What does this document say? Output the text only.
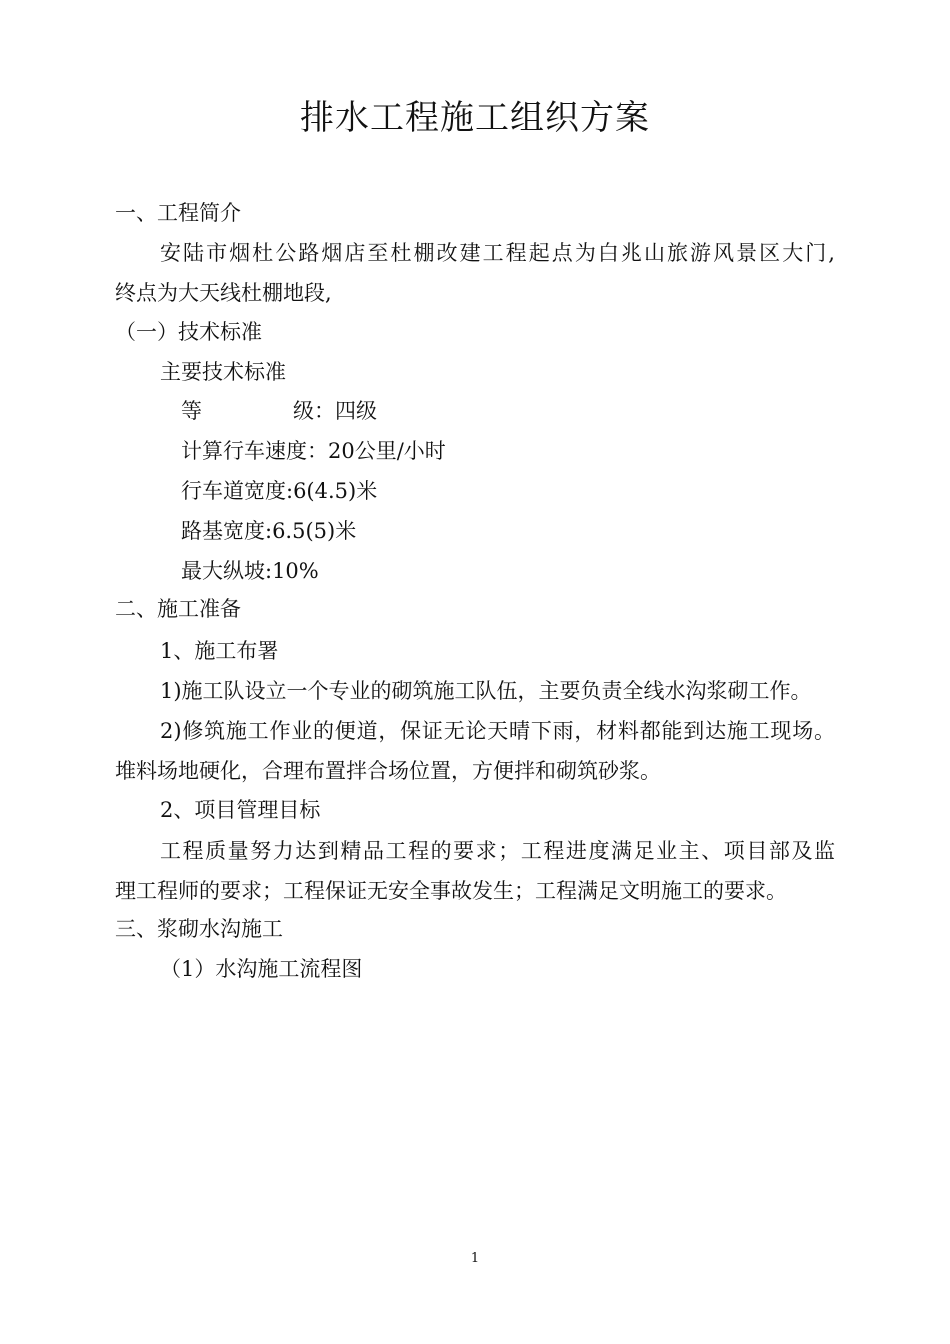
排水工程施工组织方案
一、工程简介
安陆市烟杜公路烟店至杜棚改建工程起点为白兆山旅游风景区大门,
终点为大天线杜棚地段,
（一）技术标准
主要技术标准
等	级：四级
计算行车速度：20公里/小时
行车道宽度:6(4.5)米
路基宽度:6.5(5)米
最大纵坡:10%
二、施工准备
1、施工布署
1)施工队设立一个专业的砌筑施工队伍，主要负责全线水沟浆砌工作。
2)修筑施工作业的便道，保证无论天晴下雨，材料都能到达施工现场。
堆料场地硬化，合理布置拌合场位置，方便拌和砌筑砂浆。
2、项目管理目标
工程质量努力达到精品工程的要求；工程进度满足业主、项目部及监
理工程师的要求；工程保证无安全事故发生；工程满足文明施工的要求。
三、浆砌水沟施工
（1）水沟施工流程图
1
